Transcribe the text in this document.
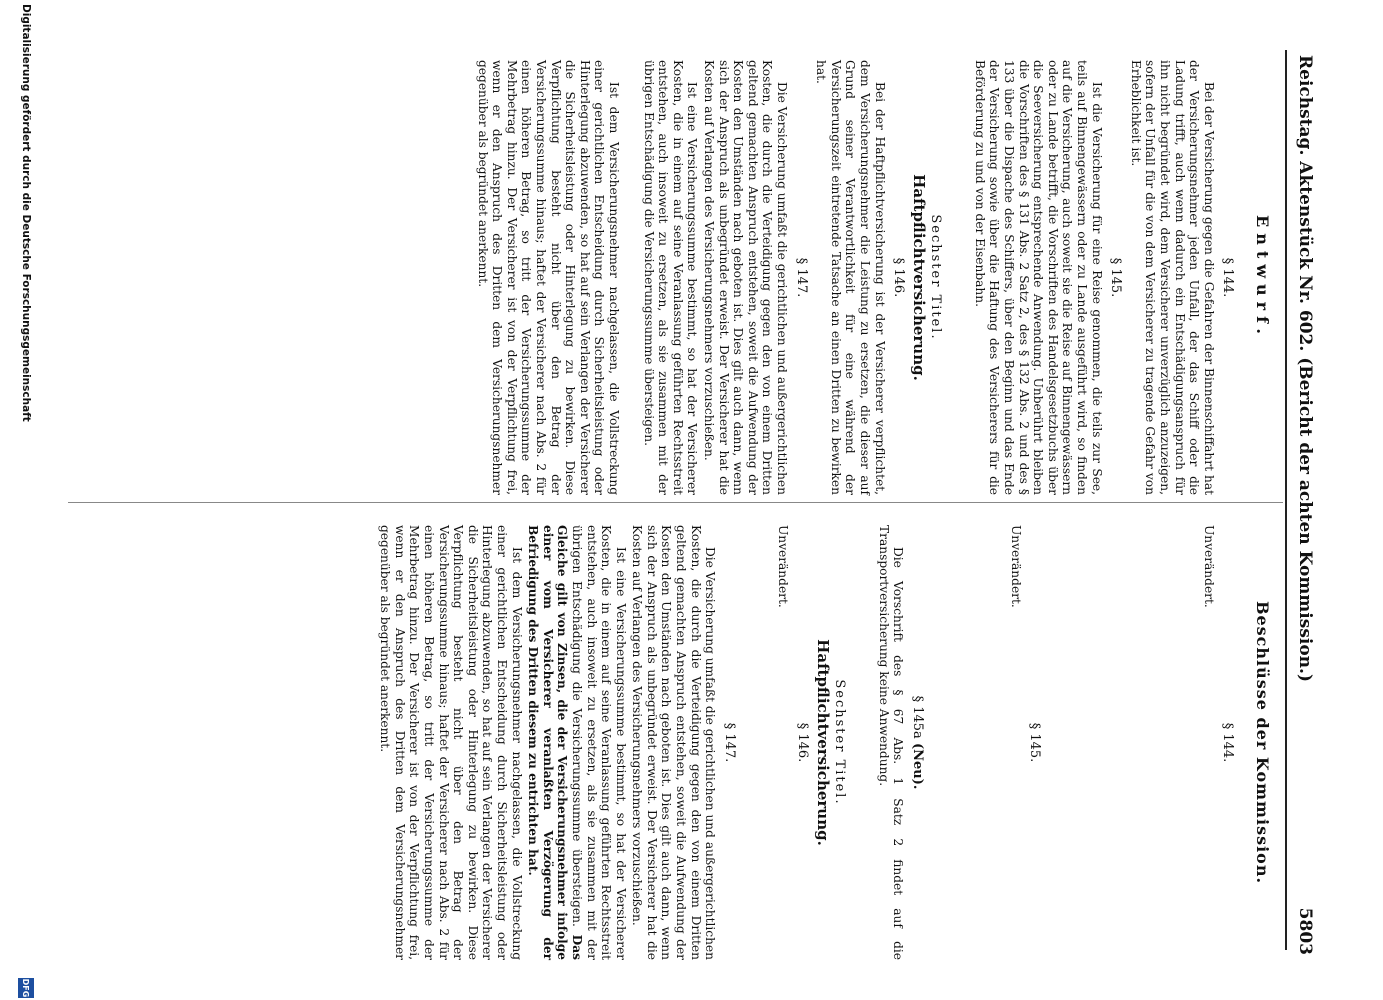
Reichstag. Aktenstück Nr. 602. (Bericht der achten Kommission.)
5803
Entwurf.
§ 144.

Bei der Versicherung gegen die Gefahren der Binnenschiffahrt hat der Versicherungsnehmer jeden Unfall, der das Schiff oder die Ladung trifft, auch wenn dadurch ein Entschädigungsanspruch für ihn nicht begründet wird, dem Versicherer unverzüglich anzuzeigen, sofern der Unfall für die von dem Versicherer zu tragende Gefahr von Erheblichkeit ist.

§ 145.

Ist die Versicherung für eine Reise genommen, die teils zur See, teils auf Binnengewässern oder zu Lande ausgeführt wird, so finden auf die Versicherung, auch soweit sie die Reise auf Binnengewässern oder zu Lande betrifft, die Vorschriften des Handelsgesetzbuchs über die Seeversicherung entsprechende Anwendung. Unberührt bleiben die Vorschriften des § 131 Abs. 2 Satz 2, des § 132 Abs. 2 und des § 133 über die Dispache des Schiffers, über den Beginn und das Ende der Versicherung sowie über die Haftung des Versicherers für die Beförderung zu und von der Eisenbahn.

Sechster Titel.
Haftpflichtversicherung.
§ 146.

Bei der Haftpflichtversicherung ist der Versicherer verpflichtet, dem Versicherungsnehmer die Leistung zu ersetzen, die dieser auf Grund seiner Verantwortlichkeit für eine während der Versicherungszeit eintretende Tatsache an einen Dritten zu bewirken hat.

§ 147.

Die Versicherung umfaßt die gerichtlichen und außergerichtlichen Kosten, die durch die Verteidigung gegen den von einem Dritten geltend gemachten Anspruch entstehen, soweit die Aufwendung der Kosten den Umständen nach geboten ist. Dies gilt auch dann, wenn sich der Anspruch als unbegründet erweist. Der Versicherer hat die Kosten auf Verlangen des Versicherungsnehmers vorzuschießen.

Ist eine Versicherungssumme bestimmt, so hat der Versicherer Kosten, die in einem auf seine Veranlassung geführten Rechtsstreit entstehen, auch insoweit zu ersetzen, als sie zusammen mit der übrigen Entschädigung die Versicherungssumme übersteigen.

Ist dem Versicherungsnehmer nachgelassen, die Vollstreckung einer gerichtlichen Entscheidung durch Sicherheitsleistung oder Hinterlegung abzuwenden, so hat auf sein Verlangen der Versicherer die Sicherheitsleistung oder Hinterlegung zu bewirken. Diese Verpflichtung besteht nicht über den Betrag der Versicherungssumme hinaus; haftet der Versicherer nach Abs. 2 für einen höheren Betrag, so tritt der Versicherungssumme der Mehrbetrag hinzu. Der Versicherer ist von der Verpflichtung frei, wenn er den Anspruch des Dritten dem Versicherungsnehmer gegenüber als begründet anerkennt.

Beschlüsse der Kommission.
§ 144.

Unverändert.

§ 145.

Unverändert.

§ 145a (Neu).

Die Vorschrift des § 67 Abs. 1 Satz 2 findet auf die Transportversicherung keine Anwendung.

Sechster Titel.
Haftpflichtversicherung.
§ 146.

Unverändert.

§ 147.

Die Versicherung umfaßt die gerichtlichen und außergerichtlichen Kosten, die durch die Verteidigung gegen den von einem Dritten geltend gemachten Anspruch entstehen, soweit die Aufwendung der Kosten den Umständen nach geboten ist. Dies gilt auch dann, wenn sich der Anspruch als unbegründet erweist. Der Versicherer hat die Kosten auf Verlangen des Versicherungsnehmers vorzuschießen.

Ist eine Versicherungssumme bestimmt, so hat der Versicherer Kosten, die in einem auf seine Veranlassung geführten Rechtsstreit entstehen, auch insoweit zu ersetzen, als sie zusammen mit der übrigen Entschädigung die Versicherungssumme übersteigen. Das Gleiche gilt von Zinsen, die der Versicherungsnehmer infolge einer vom Versicherer veranlaßten Verzögerung der Befriedigung des Dritten diesem zu entrichten hat.

Ist dem Versicherungsnehmer nachgelassen, die Vollstreckung einer gerichtlichen Entscheidung durch Sicherheitsleistung oder Hinterlegung abzuwenden, so hat auf sein Verlangen der Versicherer die Sicherheitsleistung oder Hinterlegung zu bewirken. Diese Verpflichtung besteht nicht über den Betrag der Versicherungssumme hinaus; haftet der Versicherer nach Abs. 2 für einen höheren Betrag, so tritt der Versicherungssumme der Mehrbetrag hinzu. Der Versicherer ist von der Verpflichtung frei, wenn er den Anspruch des Dritten dem Versicherungsnehmer gegenüber als begründet anerkennt.

Digitalisierung gefördert durch die Deutsche Forschungsgemeinschaft
DFG
